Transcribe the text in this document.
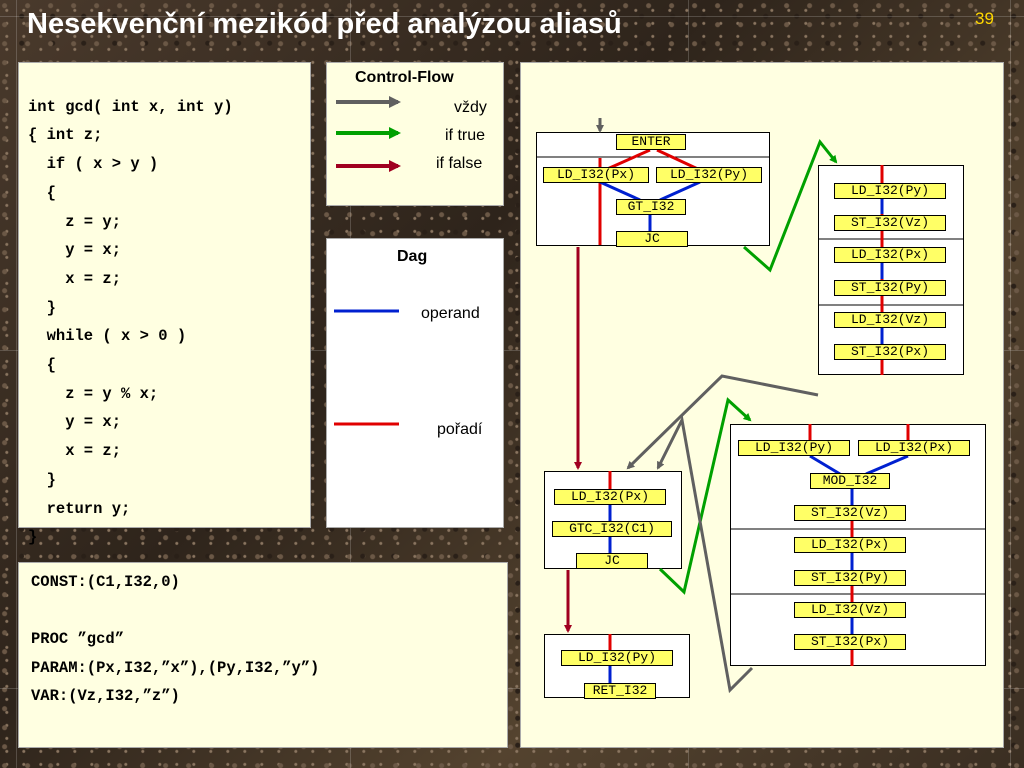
Nesekvenční mezikód před analýzou aliasů	39

int gcd( int x, int y)
{ int z;
if ( x > y )
{
z = y;
y = x;
x = z;
}
while ( x > 0 )
{
z = y % x;
y = x;
x = z;
}
return y;
}

CONST:(C1,I32,0)
PROC ”gcd”
PARAM:(Px,I32,”x”),(Py,I32,”y”)
VAR:(Vz,I32,”z”)
Control-Flow
vždy
if true
if false
Dag
operand
pořadí
ENTER
LD_I32(Px)	LD_I32(Py)
GT_I32
JC
LD_I32(Py)
ST_I32(Vz)
LD_I32(Px)
ST_I32(Py)
LD_I32(Vz)
ST_I32(Px)
LD_I32(Px)
GTC_I32(C1)
JC
LD_I32(Py)	LD_I32(Px)
MOD_I32
ST_I32(Vz)
LD_I32(Px)
ST_I32(Py)
LD_I32(Vz)
ST_I32(Px)
LD_I32(Py)
RET_I32
